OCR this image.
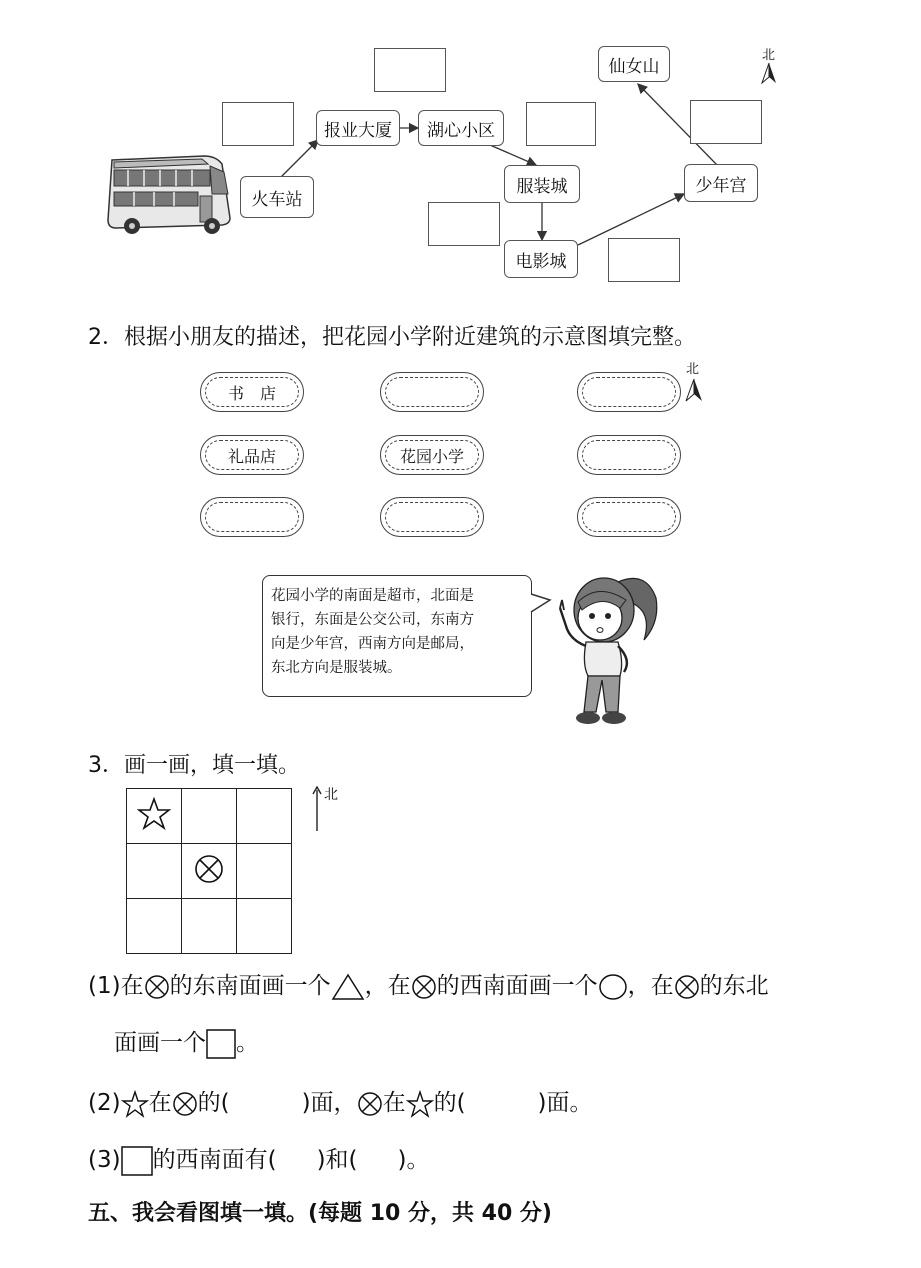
火车站
报业大厦	湖心小区
服装城
电影城
少年宫
仙女山
北
2．根据小朋友的描述，把花园小学附近建筑的示意图填完整。
书　店
礼品店	花园小学
北
花园小学的南面是超市，北面是
银行，东面是公交公司，东南方
向是少年宫，西南方向是邮局，
东北方向是服装城。
3．画一画，填一填。

北
(1)在 的东南面画一个 ，在 的西南面画一个 ，在 的东北
面画一个 。
(2) 在 的(	)面， 在 的(	)面。
(3) 的西南面有( )和( )。
五、我会看图填一填。(每题 10 分，共 40 分)
